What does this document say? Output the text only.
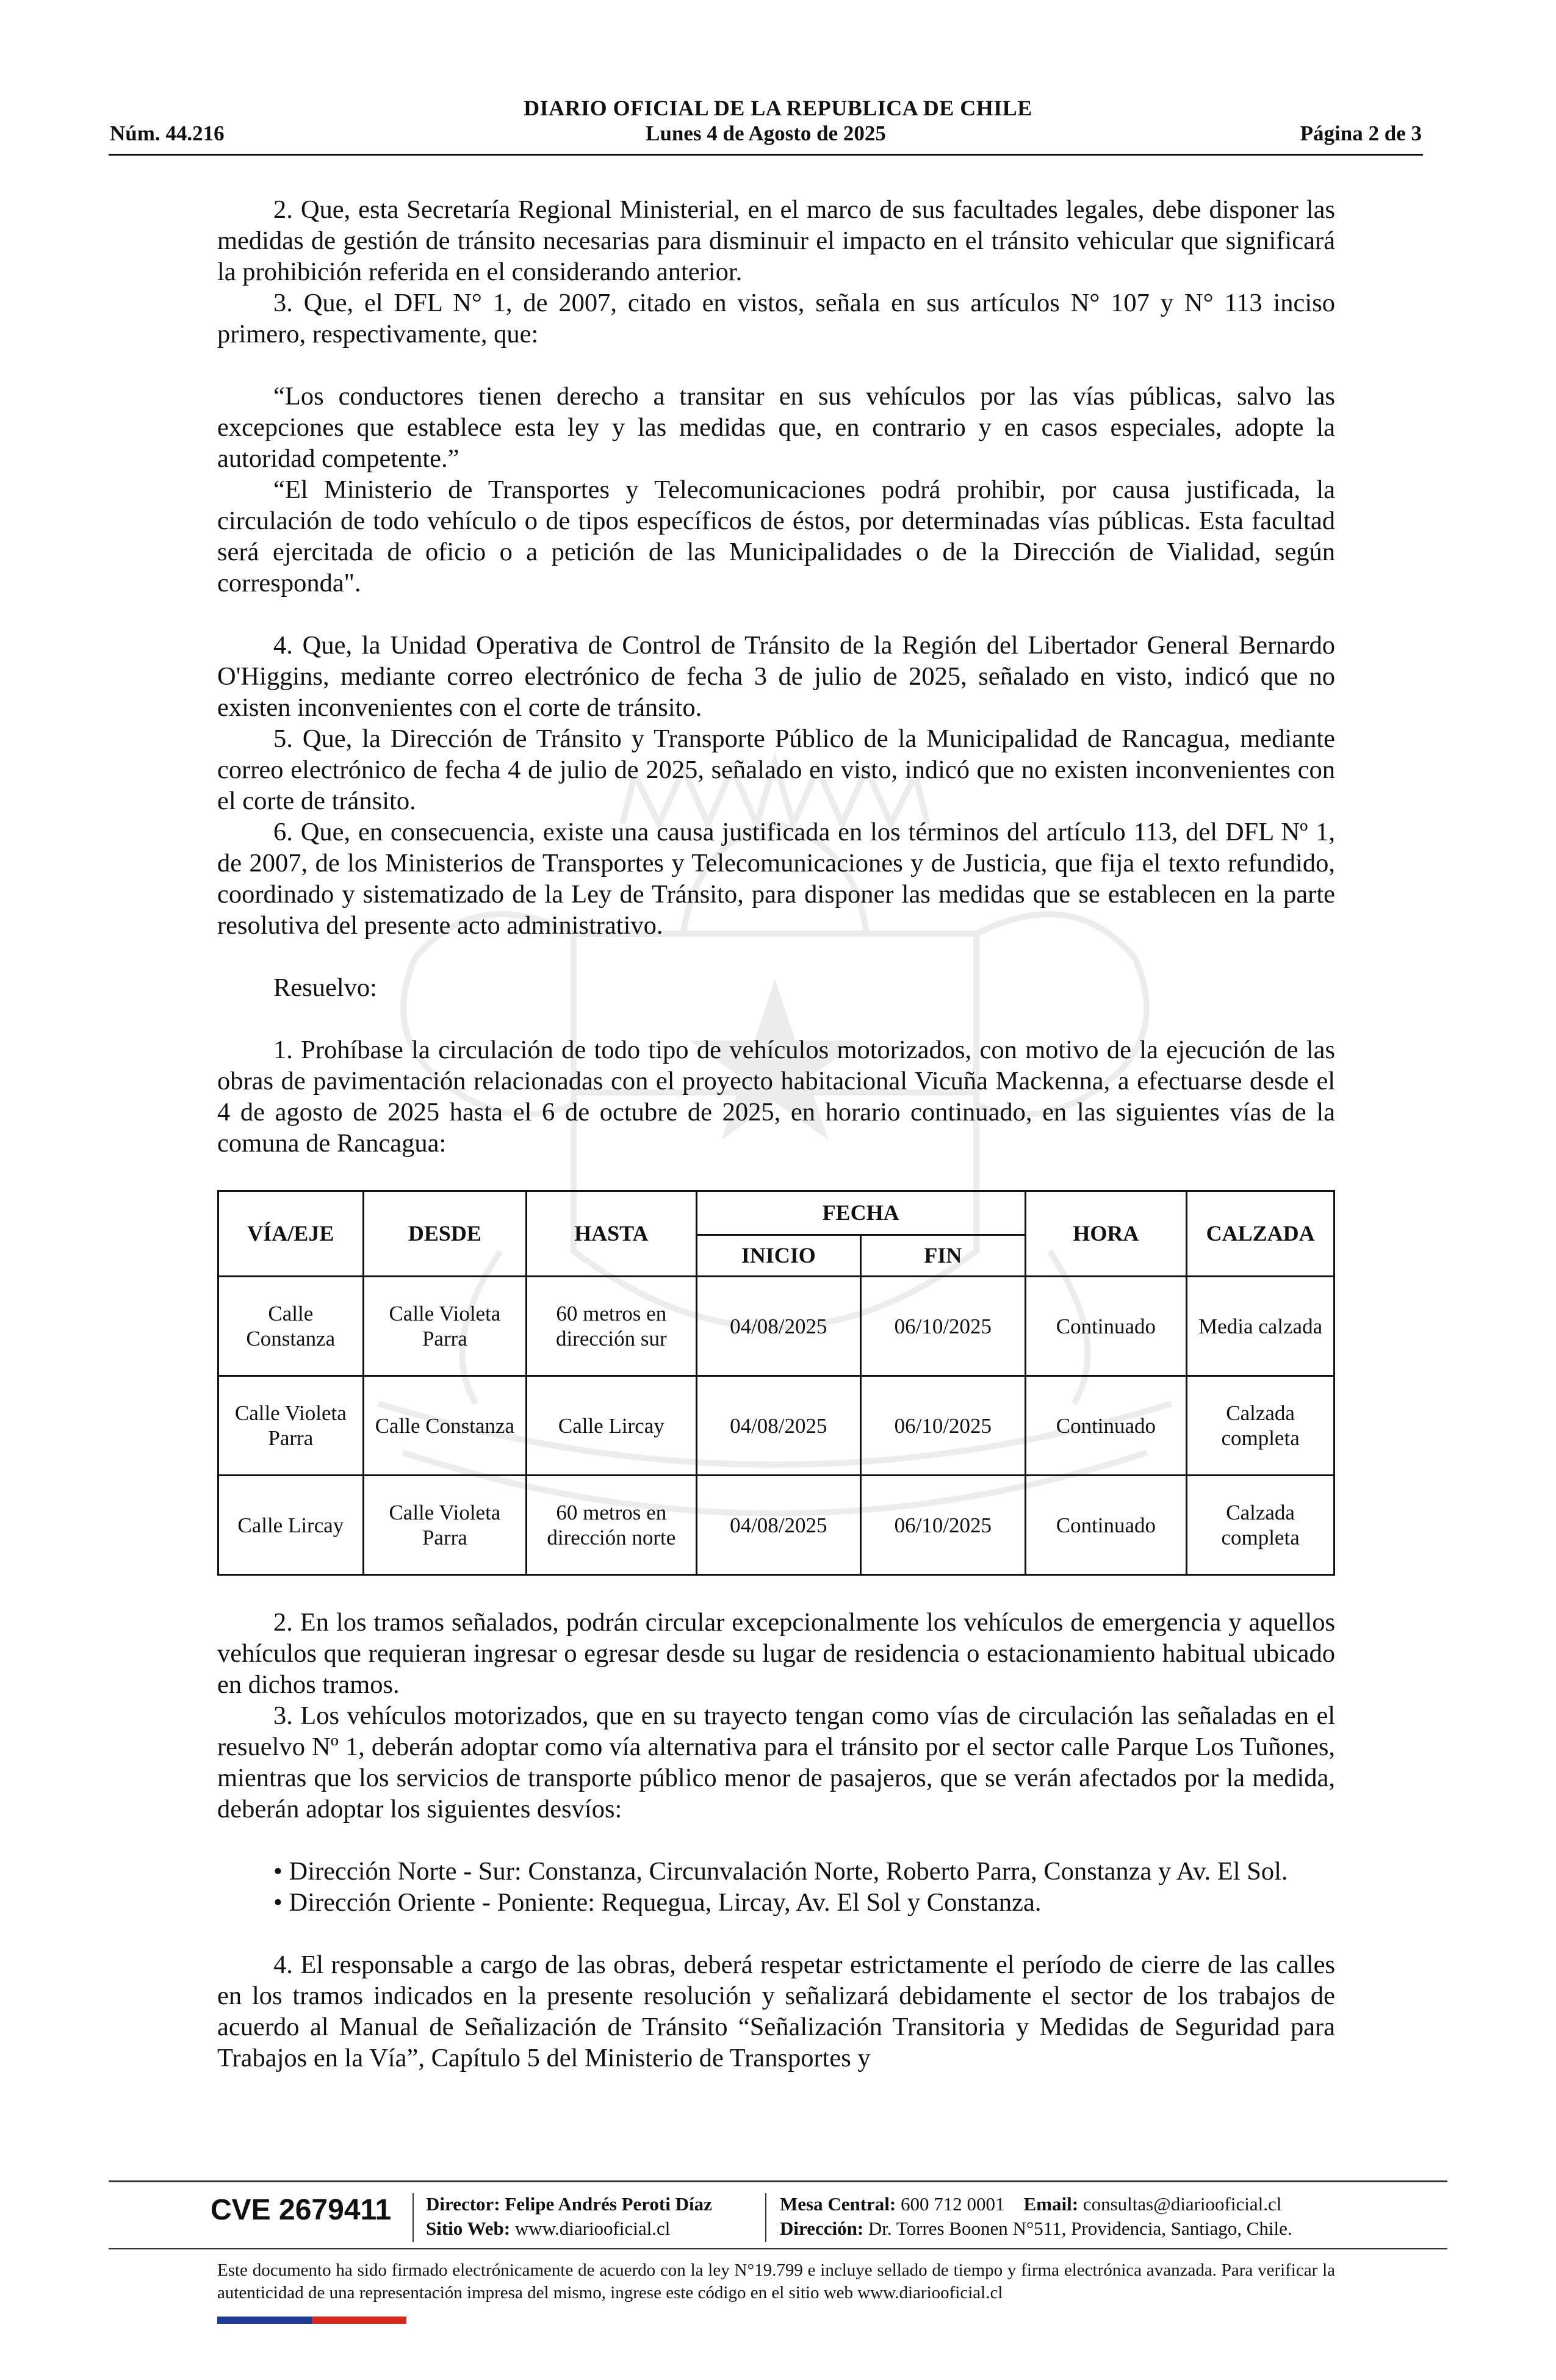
DIARIO OFICIAL DE LA REPUBLICA DE CHILE
Núm. 44.216	Lunes 4 de Agosto de 2025	Página 2 de 3

2. Que, esta Secretaría Regional Ministerial, en el marco de sus facultades legales, debe disponer las medidas de gestión de tránsito necesarias para disminuir el impacto en el tránsito vehicular que significará la prohibición referida en el considerando anterior.

3. Que, el DFL N° 1, de 2007, citado en vistos, señala en sus artículos N° 107 y N° 113 inciso primero, respectivamente, que:

“Los conductores tienen derecho a transitar en sus vehículos por las vías públicas, salvo las excepciones que establece esta ley y las medidas que, en contrario y en casos especiales, adopte la autoridad competente.”

“El Ministerio de Transportes y Telecomunicaciones podrá prohibir, por causa justificada, la circulación de todo vehículo o de tipos específicos de éstos, por determinadas vías públicas. Esta facultad será ejercitada de oficio o a petición de las Municipalidades o de la Dirección de Vialidad, según corresponda".

4. Que, la Unidad Operativa de Control de Tránsito de la Región del Libertador General Bernardo O'Higgins, mediante correo electrónico de fecha 3 de julio de 2025, señalado en visto, indicó que no existen inconvenientes con el corte de tránsito.

5. Que, la Dirección de Tránsito y Transporte Público de la Municipalidad de Rancagua, mediante correo electrónico de fecha 4 de julio de 2025, señalado en visto, indicó que no existen inconvenientes con el corte de tránsito.

6. Que, en consecuencia, existe una causa justificada en los términos del artículo 113, del DFL Nº 1, de 2007, de los Ministerios de Transportes y Telecomunicaciones y de Justicia, que fija el texto refundido, coordinado y sistematizado de la Ley de Tránsito, para disponer las medidas que se establecen en la parte resolutiva del presente acto administrativo.

Resuelvo:

1. Prohíbase la circulación de todo tipo de vehículos motorizados, con motivo de la ejecución de las obras de pavimentación relacionadas con el proyecto habitacional Vicuña Mackenna, a efectuarse desde el 4 de agosto de 2025 hasta el 6 de octubre de 2025, en horario continuado, en las siguientes vías de la comuna de Rancagua:

VÍA/EJE	DESDE	HASTA	FECHA		HORA	CALZADA
			INICIO	FIN		
Calle Constanza	Calle Violeta Parra	60 metros en dirección sur	04/08/2025	06/10/2025	Continuado	Media calzada
Calle Violeta Parra	Calle Constanza	Calle Lircay	04/08/2025	06/10/2025	Continuado	Calzada completa
Calle Lircay	Calle Violeta Parra	60 metros en dirección norte	04/08/2025	06/10/2025	Continuado	Calzada completa

2. En los tramos señalados, podrán circular excepcionalmente los vehículos de emergencia y aquellos vehículos que requieran ingresar o egresar desde su lugar de residencia o estacionamiento habitual ubicado en dichos tramos.

3. Los vehículos motorizados, que en su trayecto tengan como vías de circulación las señaladas en el resuelvo Nº 1, deberán adoptar como vía alternativa para el tránsito por el sector calle Parque Los Tuñones, mientras que los servicios de transporte público menor de pasajeros, que se verán afectados por la medida, deberán adoptar los siguientes desvíos:

• Dirección Norte - Sur: Constanza, Circunvalación Norte, Roberto Parra, Constanza y Av. El Sol.

• Dirección Oriente - Poniente: Requegua, Lircay, Av. El Sol y Constanza.

4. El responsable a cargo de las obras, deberá respetar estrictamente el período de cierre de las calles en los tramos indicados en la presente resolución y señalizará debidamente el sector de los trabajos de acuerdo al Manual de Señalización de Tránsito “Señalización Transitoria y Medidas de Seguridad para Trabajos en la Vía”, Capítulo 5 del Ministerio de Transportes y

CVE 2679411 Director: Felipe Andrés Peroti Díaz
Sitio Web: www.diariooficial.cl
Mesa Central: 600 712 0001 Email: consultas@diariooficial.cl
Dirección: Dr. Torres Boonen N°511, Providencia, Santiago, Chile.
Este documento ha sido firmado electrónicamente de acuerdo con la ley N°19.799 e incluye sellado de tiempo y firma electrónica avanzada. Para verificar la autenticidad de una representación impresa del mismo, ingrese este código en el sitio web www.diariooficial.cl
